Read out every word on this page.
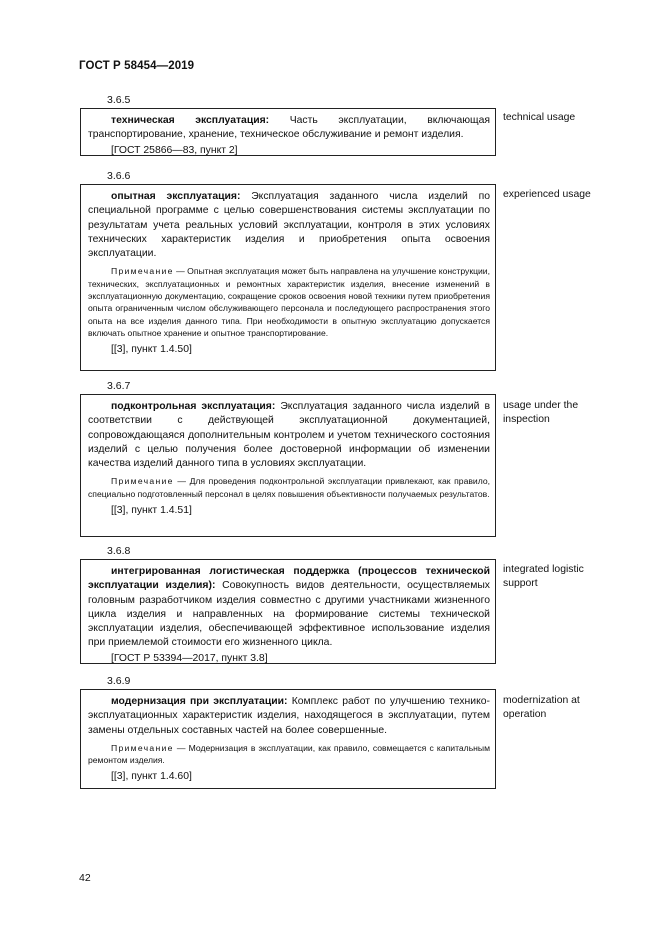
ГОСТ Р 58454—2019
3.6.5

техническая эксплуатация: Часть эксплуатации, включающая транспортирование, хранение, техническое обслуживание и ремонт изделия.

[ГОСТ 25866—83, пункт 2]

technical usage
3.6.6

опытная эксплуатация: Эксплуатация заданного числа изделий по специальной программе с целью совершенствования системы эксплуатации по результатам учета реальных условий эксплуатации, контроля в этих условиях технических характеристик изделия и приобретения опыта освоения эксплуатации.

Примечание — Опытная эксплуатация может быть направлена на улучшение конструкции, технических, эксплуатационных и ремонтных характеристик изделия, внесение изменений в эксплуатационную документацию, сокращение сроков освоения новой техники путем приобретения опыта ограниченным числом обслуживающего персонала и последующего распространения этого опыта на все изделия данного типа. При необходимости в опытную эксплуатацию допускается включать опытное хранение и опытное транспортирование.

[[3], пункт 1.4.50]

experienced usage
3.6.7

подконтрольная эксплуатация: Эксплуатация заданного числа изделий в соответствии с действующей эксплуатационной документацией, сопровождающаяся дополнительным контролем и учетом технического состояния изделий с целью получения более достоверной информации об изменении качества изделий данного типа в условиях эксплуатации.

Примечание — Для проведения подконтрольной эксплуатации привлекают, как правило, специально подготовленный персонал в целях повышения объективности получаемых результатов.

[[3], пункт 1.4.51]

usage under the inspection
3.6.8

интегрированная логистическая поддержка (процессов технической эксплуатации изделия): Совокупность видов деятельности, осуществляемых головным разработчиком изделия совместно с другими участниками жизненного цикла изделия и направленных на формирование системы технической эксплуатации изделия, обеспечивающей эффективное использование изделия при приемлемой стоимости его жизненного цикла.

[ГОСТ Р 53394—2017, пункт 3.8]

integrated logistic support
3.6.9

модернизация при эксплуатации: Комплекс работ по улучшению технико-эксплуатационных характеристик изделия, находящегося в эксплуатации, путем замены отдельных составных частей на более совершенные.

Примечание — Модернизация в эксплуатации, как правило, совмещается с капитальным ремонтом изделия.

[[3], пункт 1.4.60]

modernization at operation
42
